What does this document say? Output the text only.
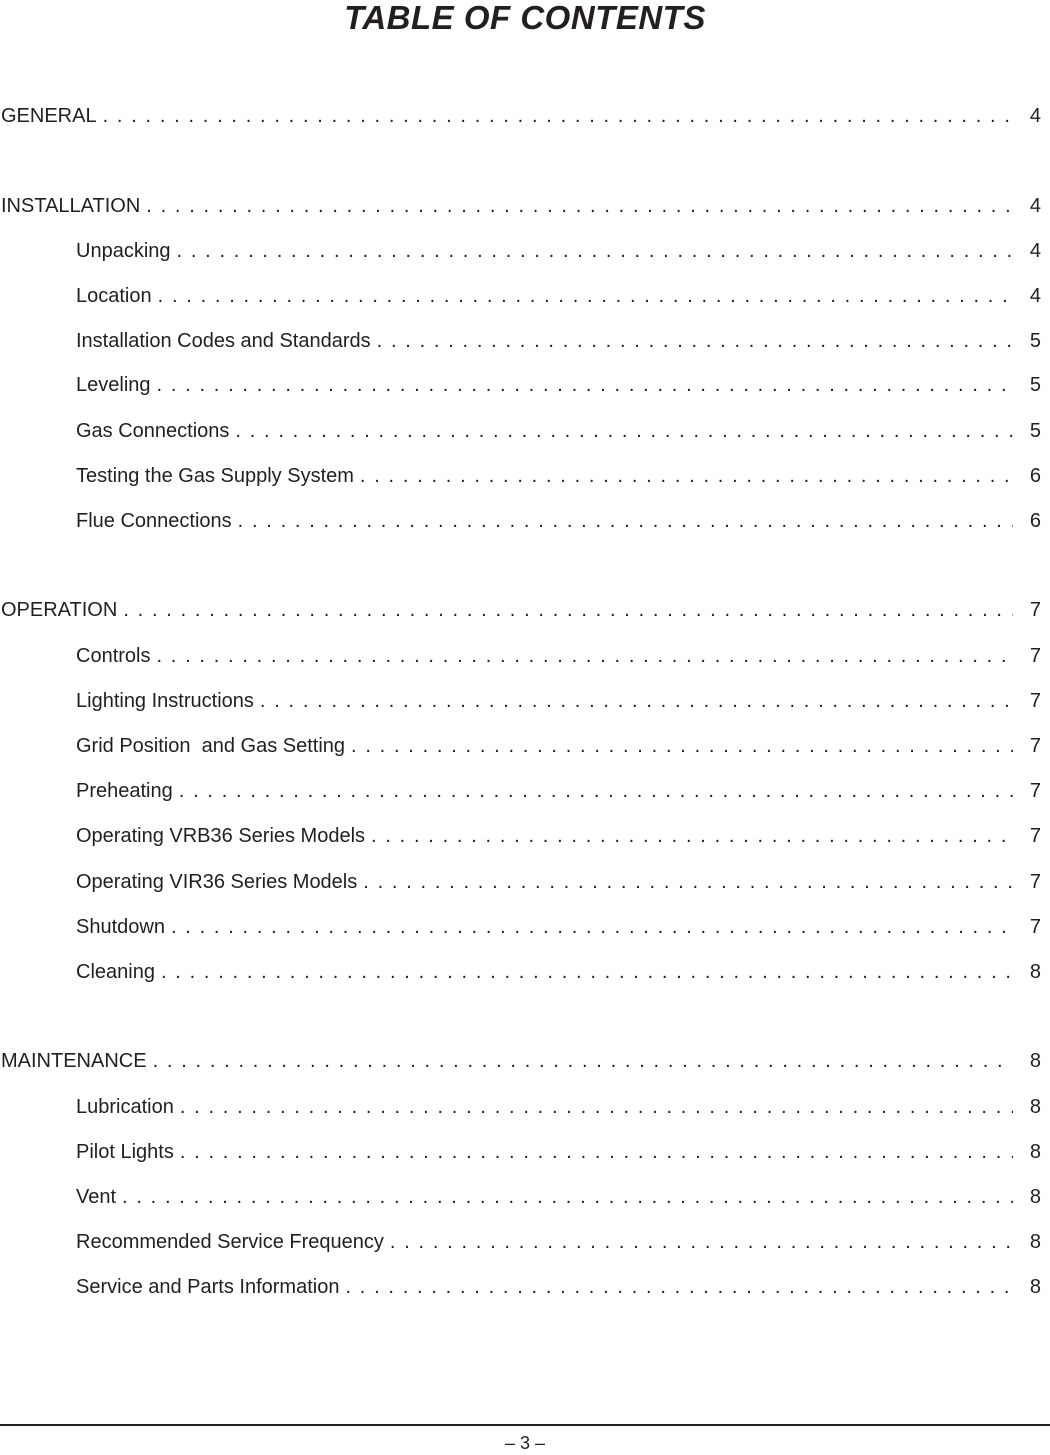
TABLE OF CONTENTS
GENERAL . . .	4
INSTALLATION . . .	4
Unpacking . . .	4
Location . . .	4
Installation Codes and Standards . . .	5
Leveling . . .	5
Gas Connections . . .	5
Testing the Gas Supply System . . .	6
Flue Connections . . .	6
OPERATION . . .	7
Controls . . .	7
Lighting Instructions . . .	7
Grid Position  and Gas Setting . . .	7
Preheating . . .	7
Operating VRB36 Series Models . . .	7
Operating VIR36 Series Models . . .	7
Shutdown . . .	7
Cleaning . . .	8
MAINTENANCE . . .	8
Lubrication . . .	8
Pilot Lights . . .	8
Vent . . .	8
Recommended Service Frequency . . .	8
Service and Parts Information . . .	8
– 3 –
